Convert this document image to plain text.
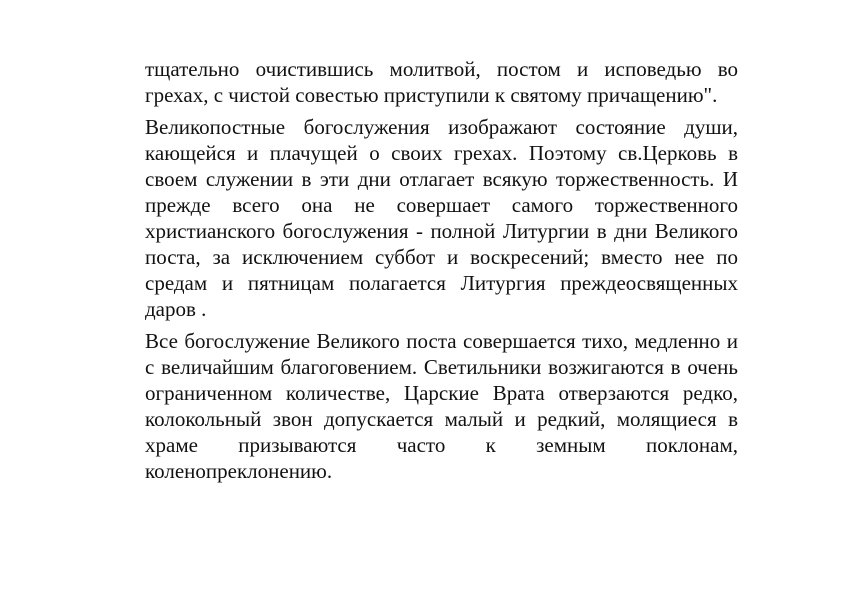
тщательно очистившись молитвой, постом и исповедью во грехах, с чистой совестью приступили к святому причащению".

Великопостные богослужения изображают состояние души, кающейся и плачущей о своих грехах. Поэтому св.Церковь в своем служении в эти дни отлагает всякую торжественность. И прежде всего она не совершает самого торжественного христианского богослужения - полной Литургии в дни Великого поста, за исключением суббот и воскресений; вместо нее по средам и пятницам полагается Литургия преждеосвященных даров .

Все богослужение Великого поста совершается тихо, медленно и с величайшим благоговением. Светильники возжигаются в очень ограниченном количестве, Царские Врата отверзаются редко, колокольный звон допускается малый и редкий, молящиеся в храме призываются часто к земным поклонам, коленопреклонению.
